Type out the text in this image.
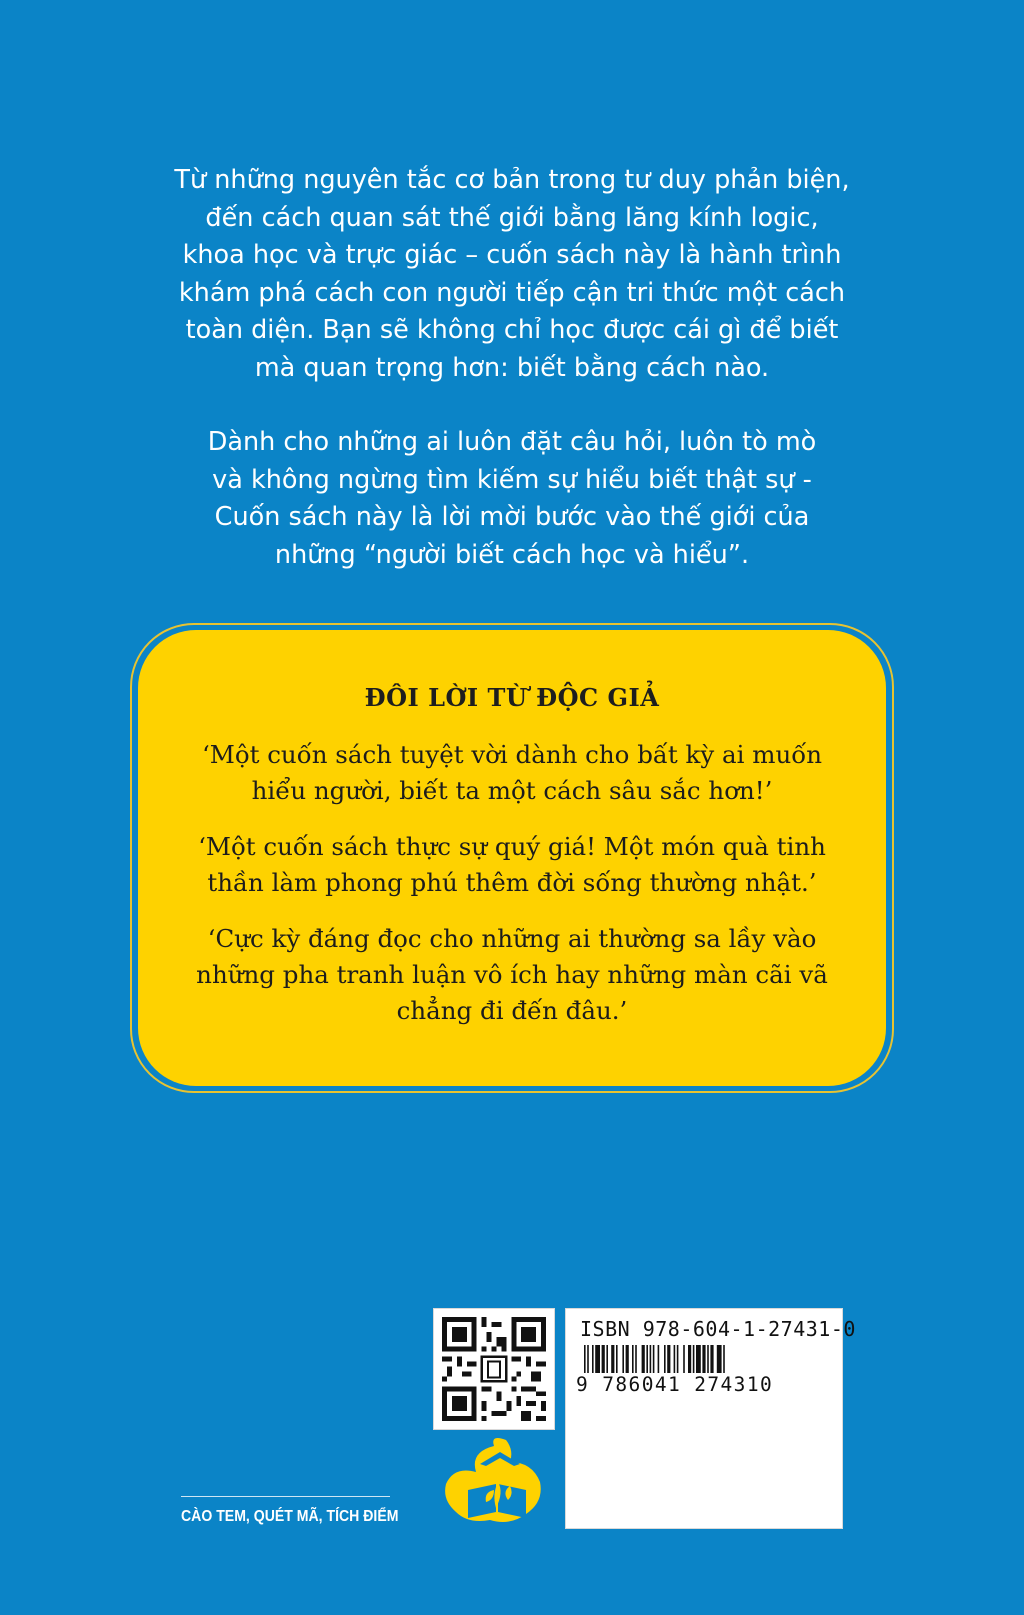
Từ những nguyên tắc cơ bản trong tư duy phản biện,
đến cách quan sát thế giới bằng lăng kính logic,
khoa học và trực giác – cuốn sách này là hành trình
khám phá cách con người tiếp cận tri thức một cách
toàn diện. Bạn sẽ không chỉ học được cái gì để biết
mà quan trọng hơn: biết bằng cách nào.

Dành cho những ai luôn đặt câu hỏi, luôn tò mò
và không ngừng tìm kiếm sự hiểu biết thật sự -
Cuốn sách này là lời mời bước vào thế giới của
những “người biết cách học và hiểu”.

ĐÔI LỜI TỪ ĐỘC GIẢ

‘Một cuốn sách tuyệt vời dành cho bất kỳ ai muốn
hiểu người, biết ta một cách sâu sắc hơn!’

‘Một cuốn sách thực sự quý giá! Một món quà tinh
thần làm phong phú thêm đời sống thường nhật.’

‘Cực kỳ đáng đọc cho những ai thường sa lầy vào
những pha tranh luận vô ích hay những màn cãi vã
chẳng đi đến đâu.’

ISBN 978-604-1-27431-0
9 786041 274310
CÀO TEM, QUÉT MÃ, TÍCH ĐIỂM
